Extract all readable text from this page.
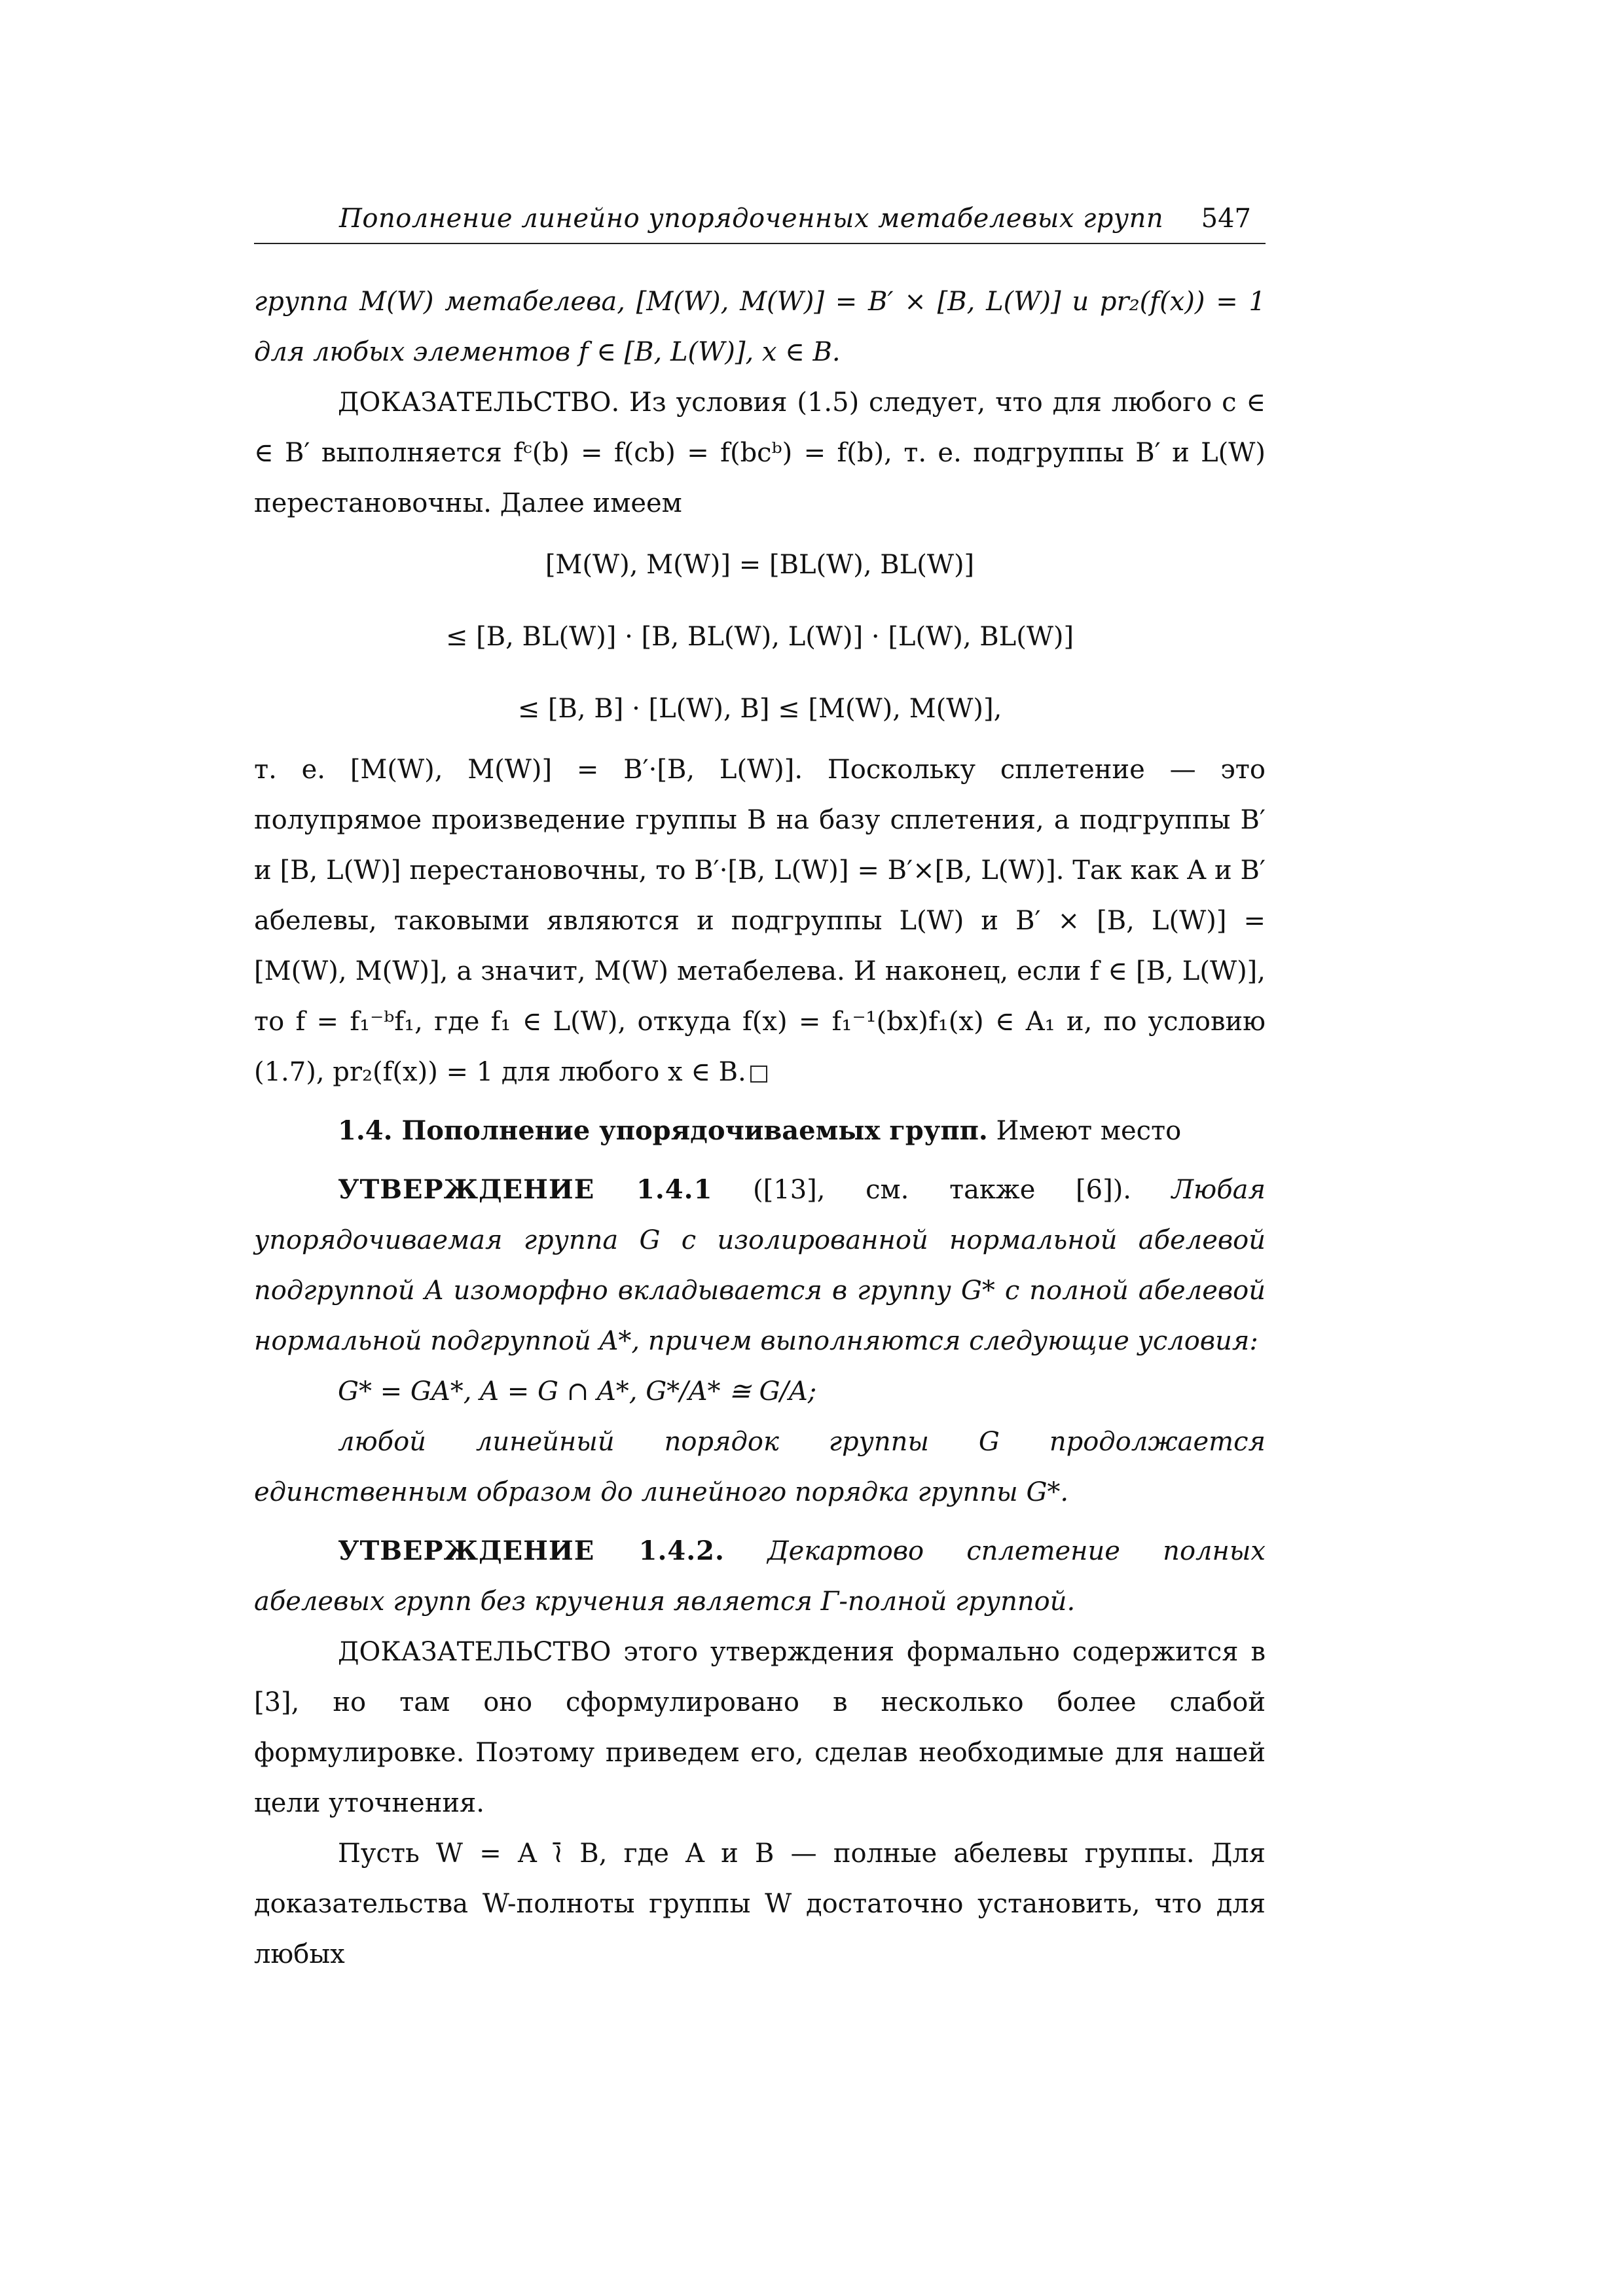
Пополнение линейно упорядоченных метабелевых групп 547

группа M(W) метабелева, [M(W), M(W)] = B′ × [B, L(W)] и pr₂(f(x)) = 1 для любых элементов f ∈ [B, L(W)], x ∈ B.

ДОКАЗАТЕЛЬСТВО. Из условия (1.5) следует, что для любого c ∈ ∈ B′ выполняется fᶜ(b) = f(cb) = f(bcᵇ) = f(b), т. е. подгруппы B′ и L(W) перестановочны. Далее имеем

[M(W), M(W)] = [BL(W), BL(W)]
≤ [B, BL(W)] · [B, BL(W), L(W)] · [L(W), BL(W)]
≤ [B, B] · [L(W), B] ≤ [M(W), M(W)],

т. е. [M(W), M(W)] = B′·[B, L(W)]. Поскольку сплетение — это полупрямое произведение группы B на базу сплетения, а подгруппы B′ и [B, L(W)] перестановочны, то B′·[B, L(W)] = B′×[B, L(W)]. Так как A и B′ абелевы, таковыми являются и подгруппы L(W) и B′ × [B, L(W)] = [M(W), M(W)], а значит, M(W) метабелева. И наконец, если f ∈ [B, L(W)], то f = f₁⁻ᵇf₁, где f₁ ∈ L(W), откуда f(x) = f₁⁻¹(bx)f₁(x) ∈ A₁ и, по условию (1.7), pr₂(f(x)) = 1 для любого x ∈ B.

1.4. Пополнение упорядочиваемых групп. Имеют место

УТВЕРЖДЕНИЕ 1.4.1 ([13], см. также [6]). Любая упорядочиваемая группа G с изолированной нормальной абелевой подгруппой A изоморфно вкладывается в группу G* с полной абелевой нормальной подгруппой A*, причем выполняются следующие условия:

G* = GA*, A = G ∩ A*, G*/A* ≅ G/A;

любой линейный порядок группы G продолжается единственным образом до линейного порядка группы G*.

УТВЕРЖДЕНИЕ 1.4.2. Декартово сплетение полных абелевых групп без кручения является Γ-полной группой.

ДОКАЗАТЕЛЬСТВО этого утверждения формально содержится в [3], но там оно сформулировано в несколько более слабой формулировке. Поэтому приведем его, сделав необходимые для нашей цели уточнения.

Пусть W = A ≀̄ B, где A и B — полные абелевы группы. Для доказательства W-полноты группы W достаточно установить, что для любых
